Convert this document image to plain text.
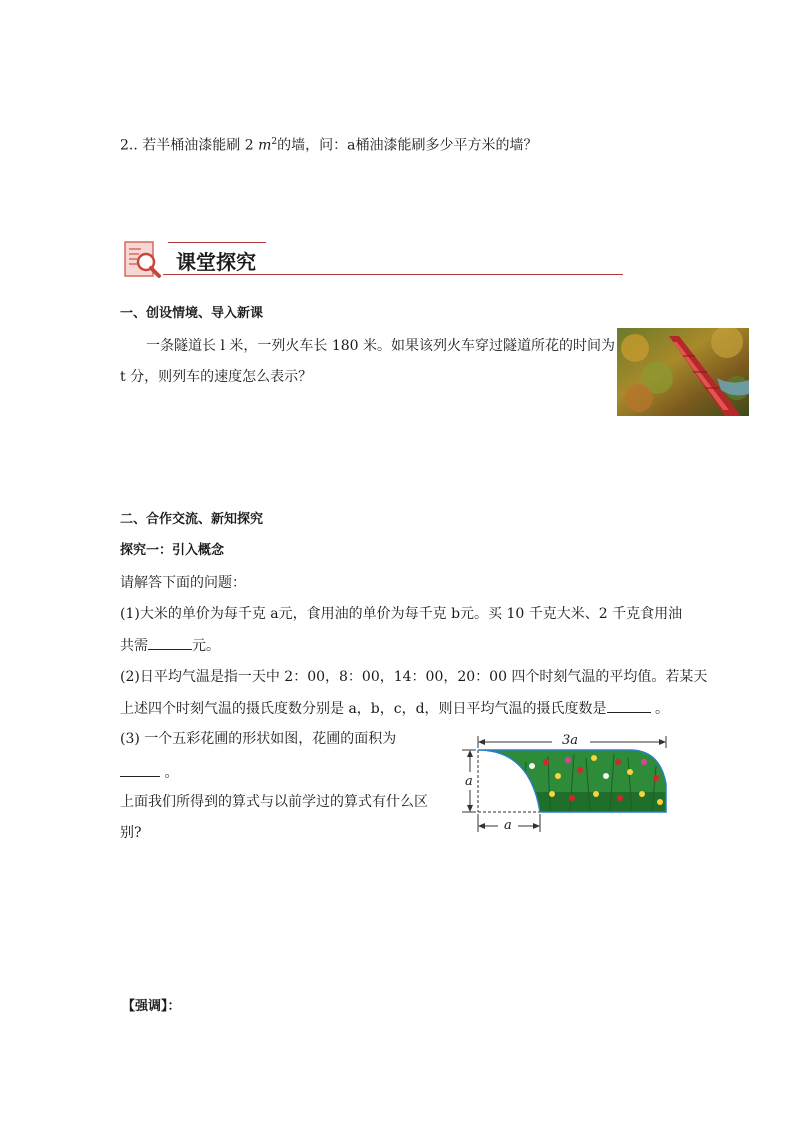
2.. 若半桶油漆能刷 2 $m^2$的墙，问：a桶油漆能刷多少平方米的墙？
课堂探究
一、创设情境、导入新课
一条隧道长 l 米，一列火车长 180 米。如果该列火车穿过隧道所花的时间为
t 分，则列车的速度怎么表示？
二、合作交流、新知探究
探究一：引入概念
请解答下面的问题：
(1)大米的单价为每千克 a元，食用油的单价为每千克 b元。买 10 千克大米、2 千克食用油
共需	元。
(2)日平均气温是指一天中 2：00，8：00，14：00，20：00 四个时刻气温的平均值。若某天
上述四个时刻气温的摄氏度数分别是 a，b，c，d，则日平均气温的摄氏度数是	。
(3) 一个五彩花圃的形状如图，花圃的面积为
。
上面我们所得到的算式与以前学过的算式有什么区
别?
3a
a
a
【强调】：
